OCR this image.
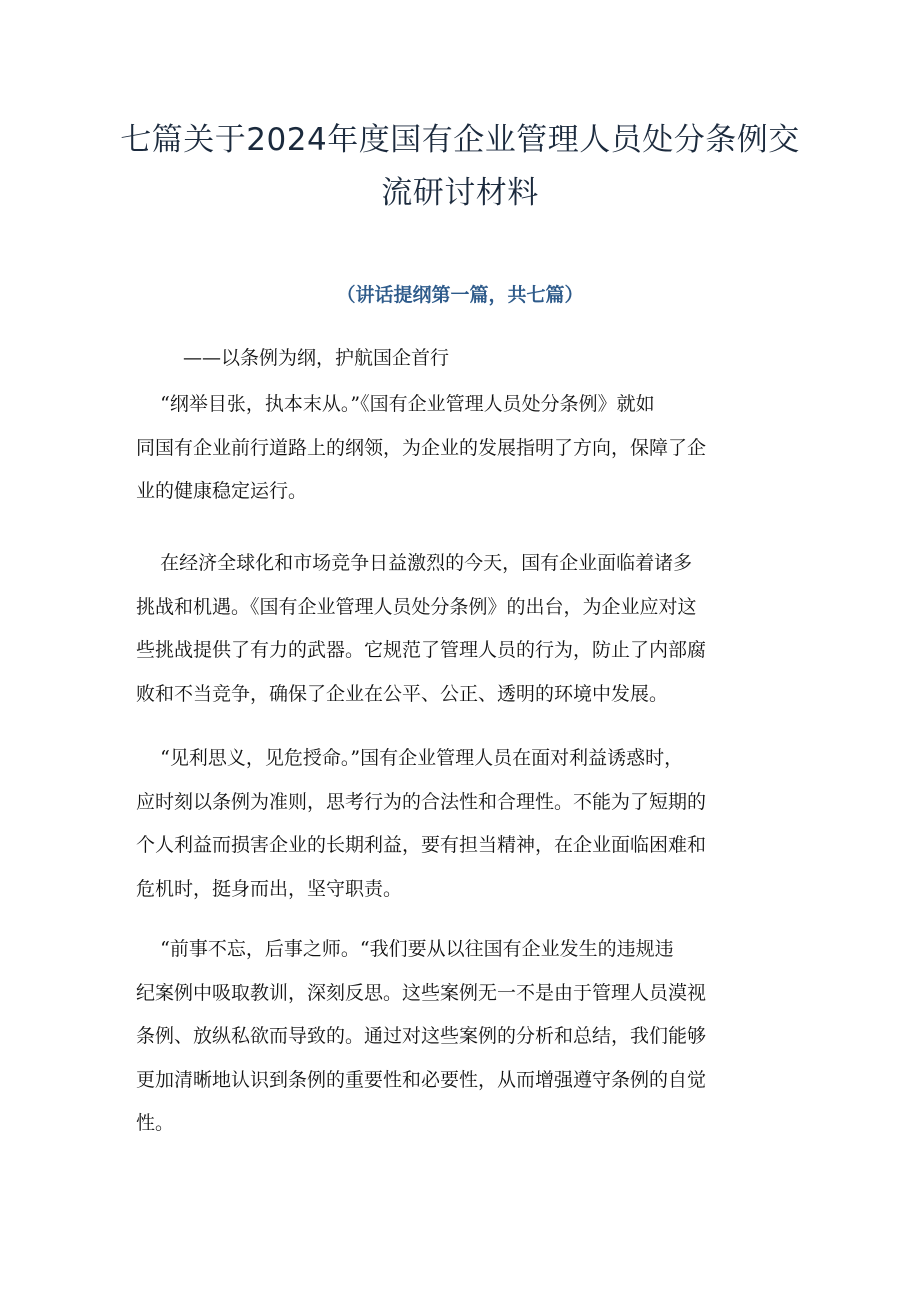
七篇关于2024年度国有企业管理人员处分条例交流研讨材料

（讲话提纲第一篇，共七篇）

——以条例为纲，护航国企首行

“纲举目张，执本末从。”《国有企业管理人员处分条例》就如
同国有企业前行道路上的纲领，为企业的发展指明了方向，保障了企
业的健康稳定运行。

在经济全球化和市场竞争日益激烈的今天，国有企业面临着诸多
挑战和机遇。《国有企业管理人员处分条例》的出台，为企业应对这
些挑战提供了有力的武器。它规范了管理人员的行为，防止了内部腐
败和不当竞争，确保了企业在公平、公正、透明的环境中发展。

“见利思义，见危授命。”国有企业管理人员在面对利益诱惑时，
应时刻以条例为准则，思考行为的合法性和合理性。不能为了短期的
个人利益而损害企业的长期利益，要有担当精神，在企业面临困难和
危机时，挺身而出，坚守职责。

“前事不忘，后事之师。“我们要从以往国有企业发生的违规违
纪案例中吸取教训，深刻反思。这些案例无一不是由于管理人员漠视
条例、放纵私欲而导致的。通过对这些案例的分析和总结，我们能够
更加清晰地认识到条例的重要性和必要性，从而增强遵守条例的自觉
性。
